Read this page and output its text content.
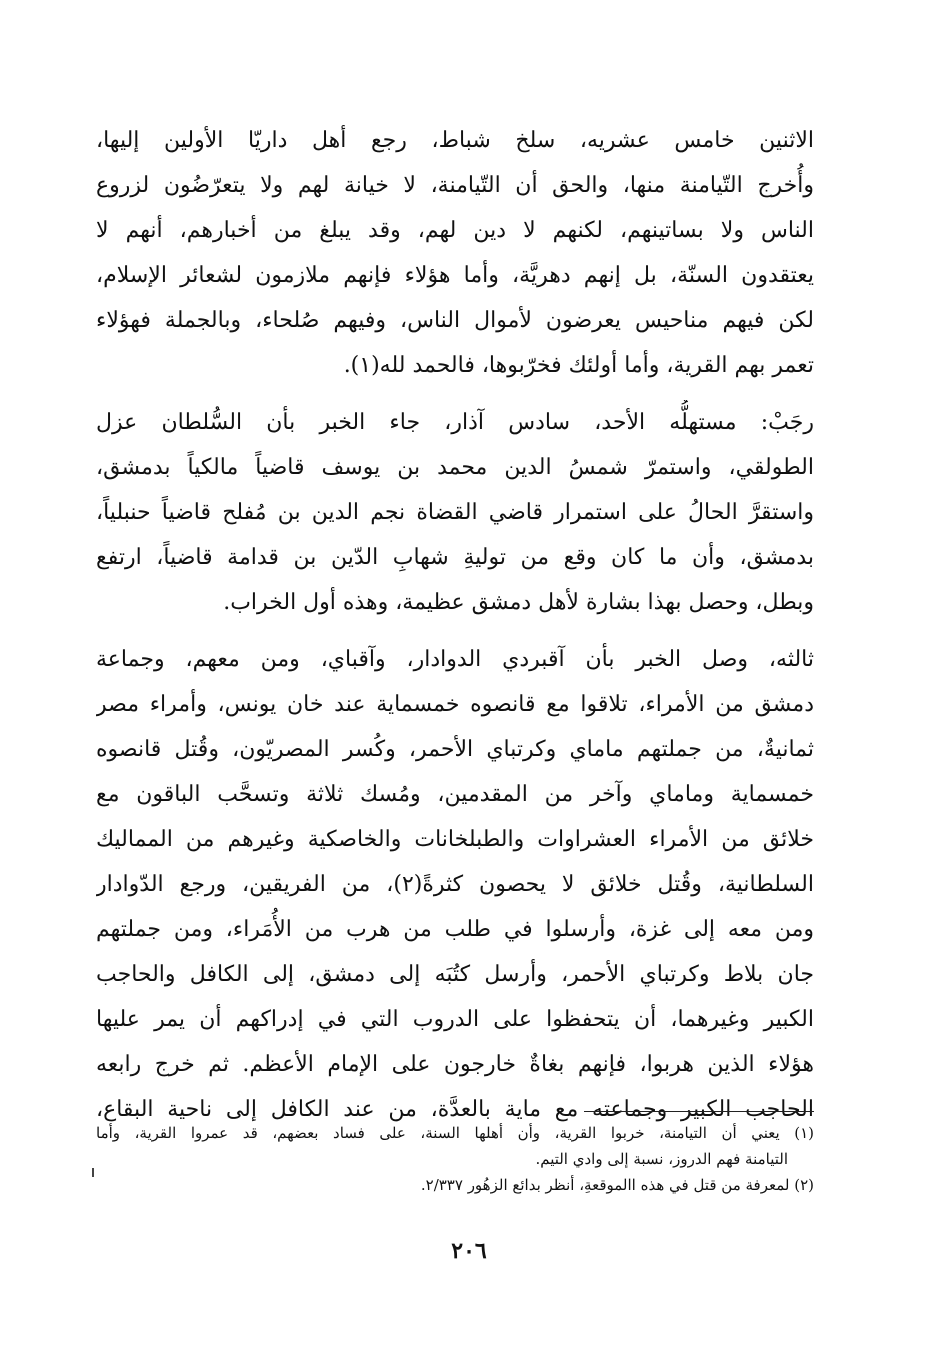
الاثنين خامس عشريه، سلخ شباط، رجع أهل داريّا الأولين إليها،
وأُخرج التّيامنة منها، والحق أن التّيامنة، لا خيانة لهم ولا يتعرّضُون لزروع
الناس ولا بساتينهم، لكنهم لا دين لهم، وقد يبلغ من أخبارهم، أنهم لا
يعتقدون السنّة، بل إنهم دهريَّة، وأما هؤلاء فإنهم ملازمون لشعائر الإسلام،
لكن فيهم مناحيس يعرضون لأموال الناس، وفيهم صُلحاء، وبالجملة فهؤلاء
تعمر بهم القرية، وأما أولئك فخرّبوها، فالحمد لله(١).
رجَبْ: مستهلُّه الأحد، سادس آذار، جاء الخبر بأن السُّلطان عزل
الطولقي، واستمرّ شمسُ الدين محمد بن يوسف قاضياً مالكياً بدمشق،
واستقرَّ الحالُ على استمرار قاضي القضاة نجم الدين بن مُفلح قاضياً حنبلياً،
بدمشق، وأن ما كان وقع من توليةِ شهابِ الدّين بن قدامة قاضياً، ارتفع
وبطل، وحصل بهذا بشارة لأهل دمشق عظيمة، وهذه أول الخراب.
ثالثه، وصل الخبر بأن آقبردي الدوادار، وآقباي، ومن معهم، وجماعة
دمشق من الأمراء، تلاقوا مع قانصوه خمسماية عند خان يونس، وأمراء مصر
ثمانيةٌ، من جملتهم ماماي وكرتباي الأحمر، وكُسر المصريّون، وقُتل قانصوه
خمسماية وماماي وآخر من المقدمين، ومُسك ثلاثة وتسحَّب الباقون مع
خلائق من الأمراء العشراوات والطبلخانات والخاصكية وغيرهم من المماليك
السلطانية، وقُتل خلائق لا يحصون كثرةً(٢)، من الفريقين، ورجع الدّوادار
ومن معه إلى غزة، وأرسلوا في طلب من هرب من الأُمَراء، ومن جملتهم
جان بلاط وكرتباي الأحمر، وأرسل كتُبَه إلى دمشق، إلى الكافل والحاجب
الكبير وغيرهما، أن يتحفظوا على الدروب التي في إدراكهم أن يمر عليها
هؤلاء الذين هربوا، فإنهم بغاةٌ خارجون على الإمام الأعظم. ثم خرج رابعه
الحاجب الكبير وجماعته مع ماية بالعدَّة، من عند الكافل إلى ناحية البقاع،
(١) يعني أن التيامنة، خربوا القرية، وأن أهلها السنة، على فساد بعضهم، قد عمروا القرية، وأما
التيامنة فهم الدروز، نسبة إلى وادي التيم.
(٢) لمعرفة من قتل في هذه االموقعةِ، أنظر بدائع الزهُور ٢/٣٣٧.
٢٠٦
